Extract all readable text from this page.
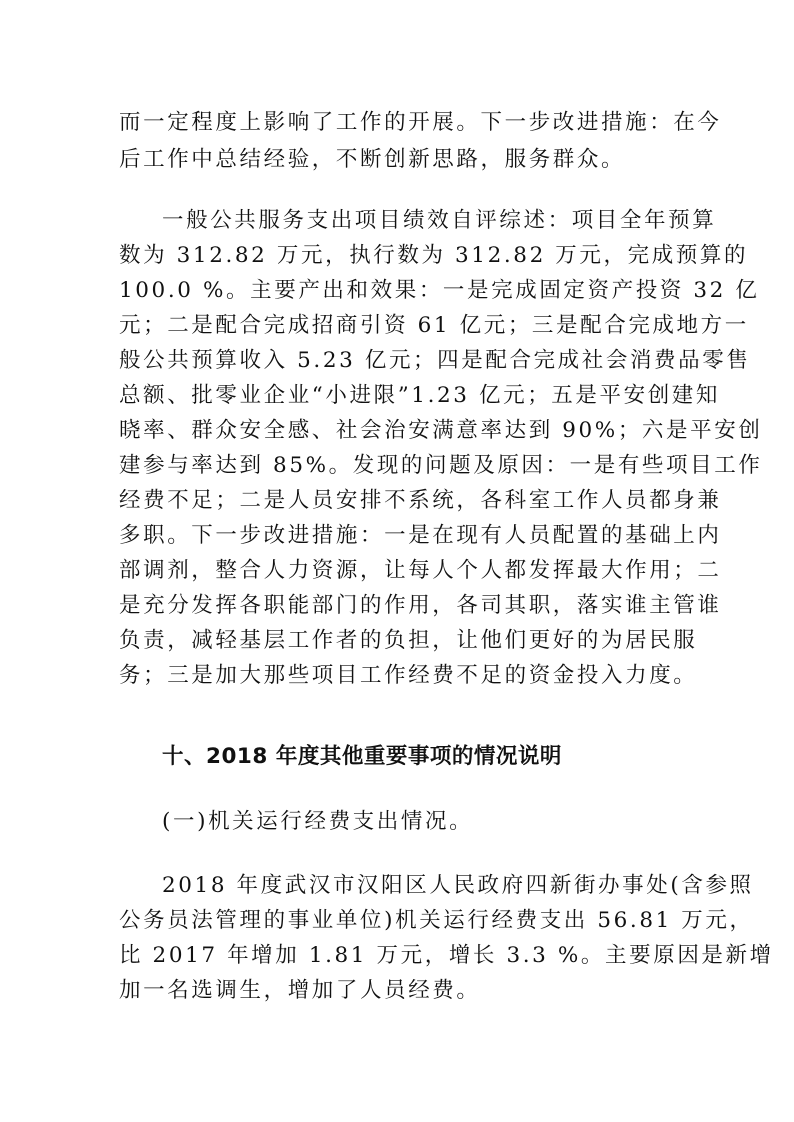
而一定程度上影响了工作的开展。下一步改进措施：在今
后工作中总结经验，不断创新思路，服务群众。
一般公共服务支出项目绩效自评综述：项目全年预算
数为 312.82 万元，执行数为 312.82 万元，完成预算的
100.0 %。主要产出和效果：一是完成固定资产投资 32 亿
元；二是配合完成招商引资 61 亿元；三是配合完成地方一
般公共预算收入 5.23 亿元；四是配合完成社会消费品零售
总额、批零业企业“小进限”1.23 亿元；五是平安创建知
晓率、群众安全感、社会治安满意率达到 90%；六是平安创
建参与率达到 85%。发现的问题及原因：一是有些项目工作
经费不足；二是人员安排不系统，各科室工作人员都身兼
多职。下一步改进措施：一是在现有人员配置的基础上内
部调剂，整合人力资源，让每人个人都发挥最大作用；二
是充分发挥各职能部门的作用，各司其职，落实谁主管谁
负责，减轻基层工作者的负担，让他们更好的为居民服
务；三是加大那些项目工作经费不足的资金投入力度。
十、2018 年度其他重要事项的情况说明
(一)机关运行经费支出情况。
2018 年度武汉市汉阳区人民政府四新街办事处(含参照
公务员法管理的事业单位)机关运行经费支出 56.81 万元，
比 2017 年增加 1.81 万元，增长 3.3 %。主要原因是新增
加一名选调生，增加了人员经费。
